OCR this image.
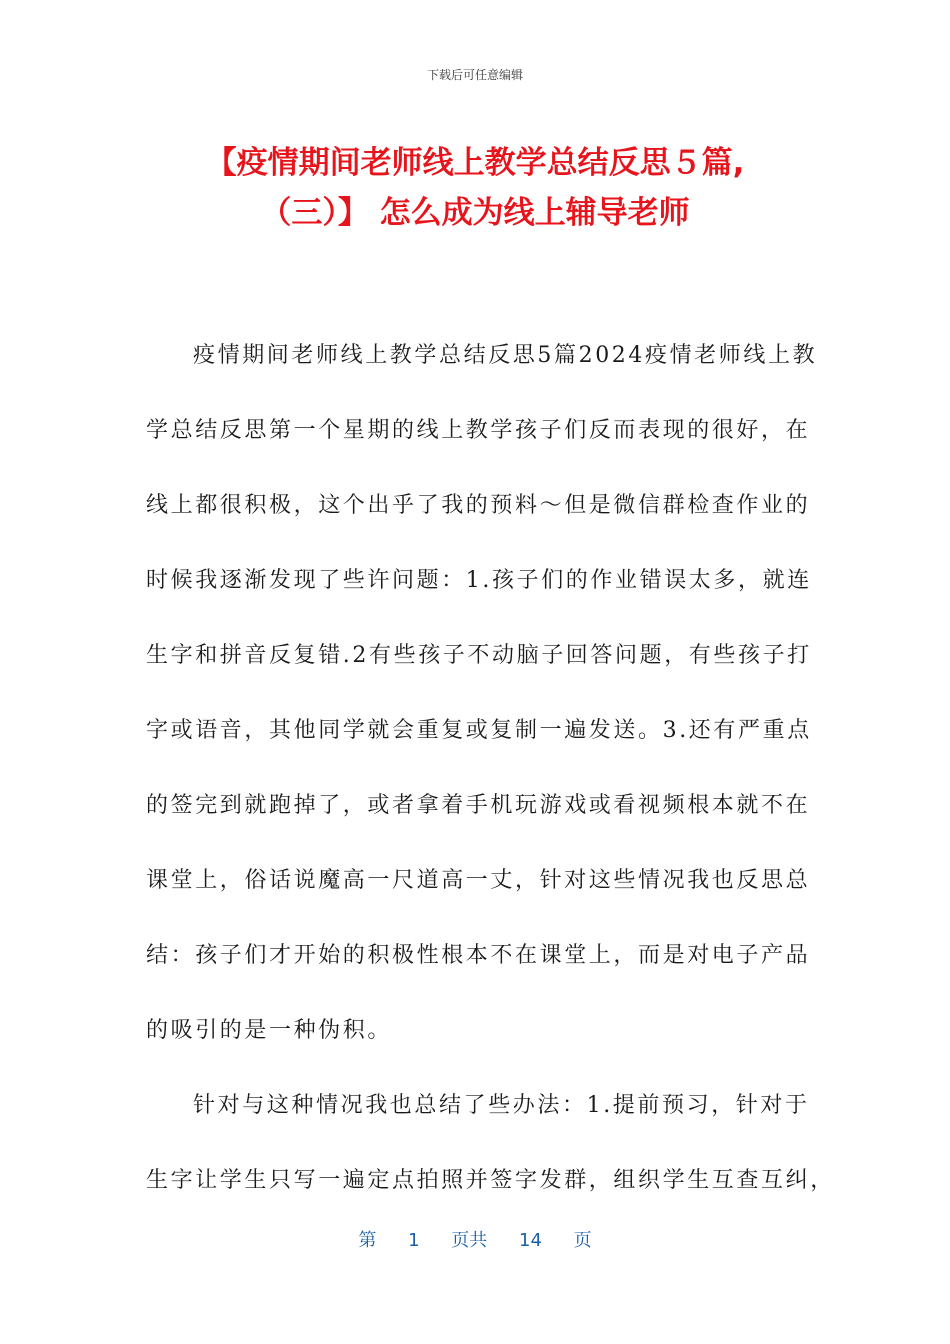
下载后可任意编辑
【疫情期间老师线上教学总结反思５篇,
（三）】 怎么成为线上辅导老师

疫情期间老师线上教学总结反思5篇2024疫情老师线上教
学总结反思第一个星期的线上教学孩子们反而表现的很好，在
线上都很积极，这个出乎了我的预料～但是微信群检查作业的
时候我逐渐发现了些许问题：1.孩子们的作业错误太多，就连
生字和拼音反复错.2有些孩子不动脑子回答问题，有些孩子打
字或语音，其他同学就会重复或复制一遍发送。3.还有严重点
的签完到就跑掉了，或者拿着手机玩游戏或看视频根本就不在
课堂上，俗话说魔高一尺道高一丈，针对这些情况我也反思总
结：孩子们才开始的积极性根本不在课堂上，而是对电子产品
的吸引的是一种伪积。

针对与这种情况我也总结了些办法：1.提前预习，针对于
生字让学生只写一遍定点拍照并签字发群，组织学生互查互纠，

第 1 页共 14 页
